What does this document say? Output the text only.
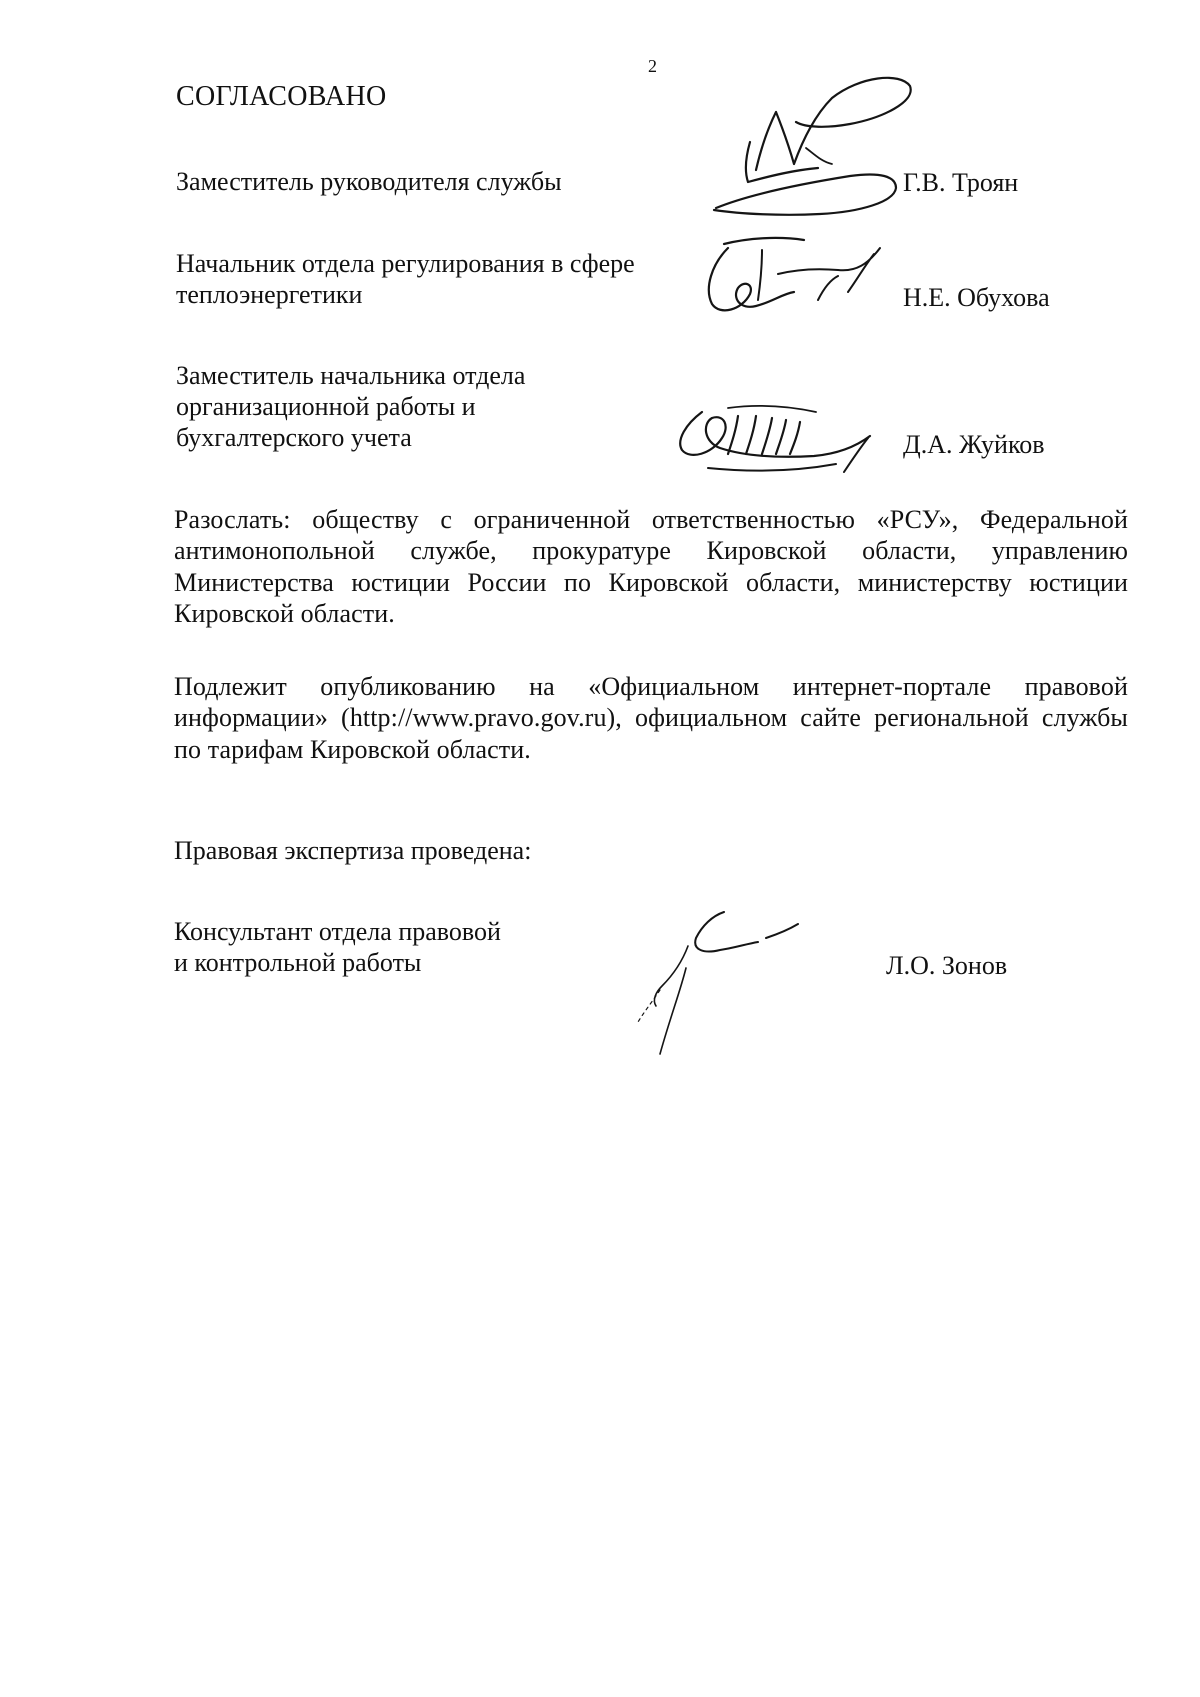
2
СОГЛАСОВАНО
Заместитель руководителя службы	Г.В. Троян
Начальник отдела регулирования в сфере
теплоэнергетики	Н.Е. Обухова
Заместитель начальника отдела
организационной работы и
бухгалтерского учета	Д.А. Жуйков
Разослать: обществу с ограниченной ответственностью «РСУ», Федеральной антимонопольной службе, прокуратуре Кировской области, управлению Министерства юстиции России по Кировской области, министерству юстиции Кировской области.
Подлежит опубликованию на «Официальном интернет-портале правовой информации» (http://www.pravo.gov.ru), официальном сайте региональной службы по тарифам Кировской области.
Правовая экспертиза проведена:
Консультант отдела правовой
и контрольной работы	Л.О. Зонов
